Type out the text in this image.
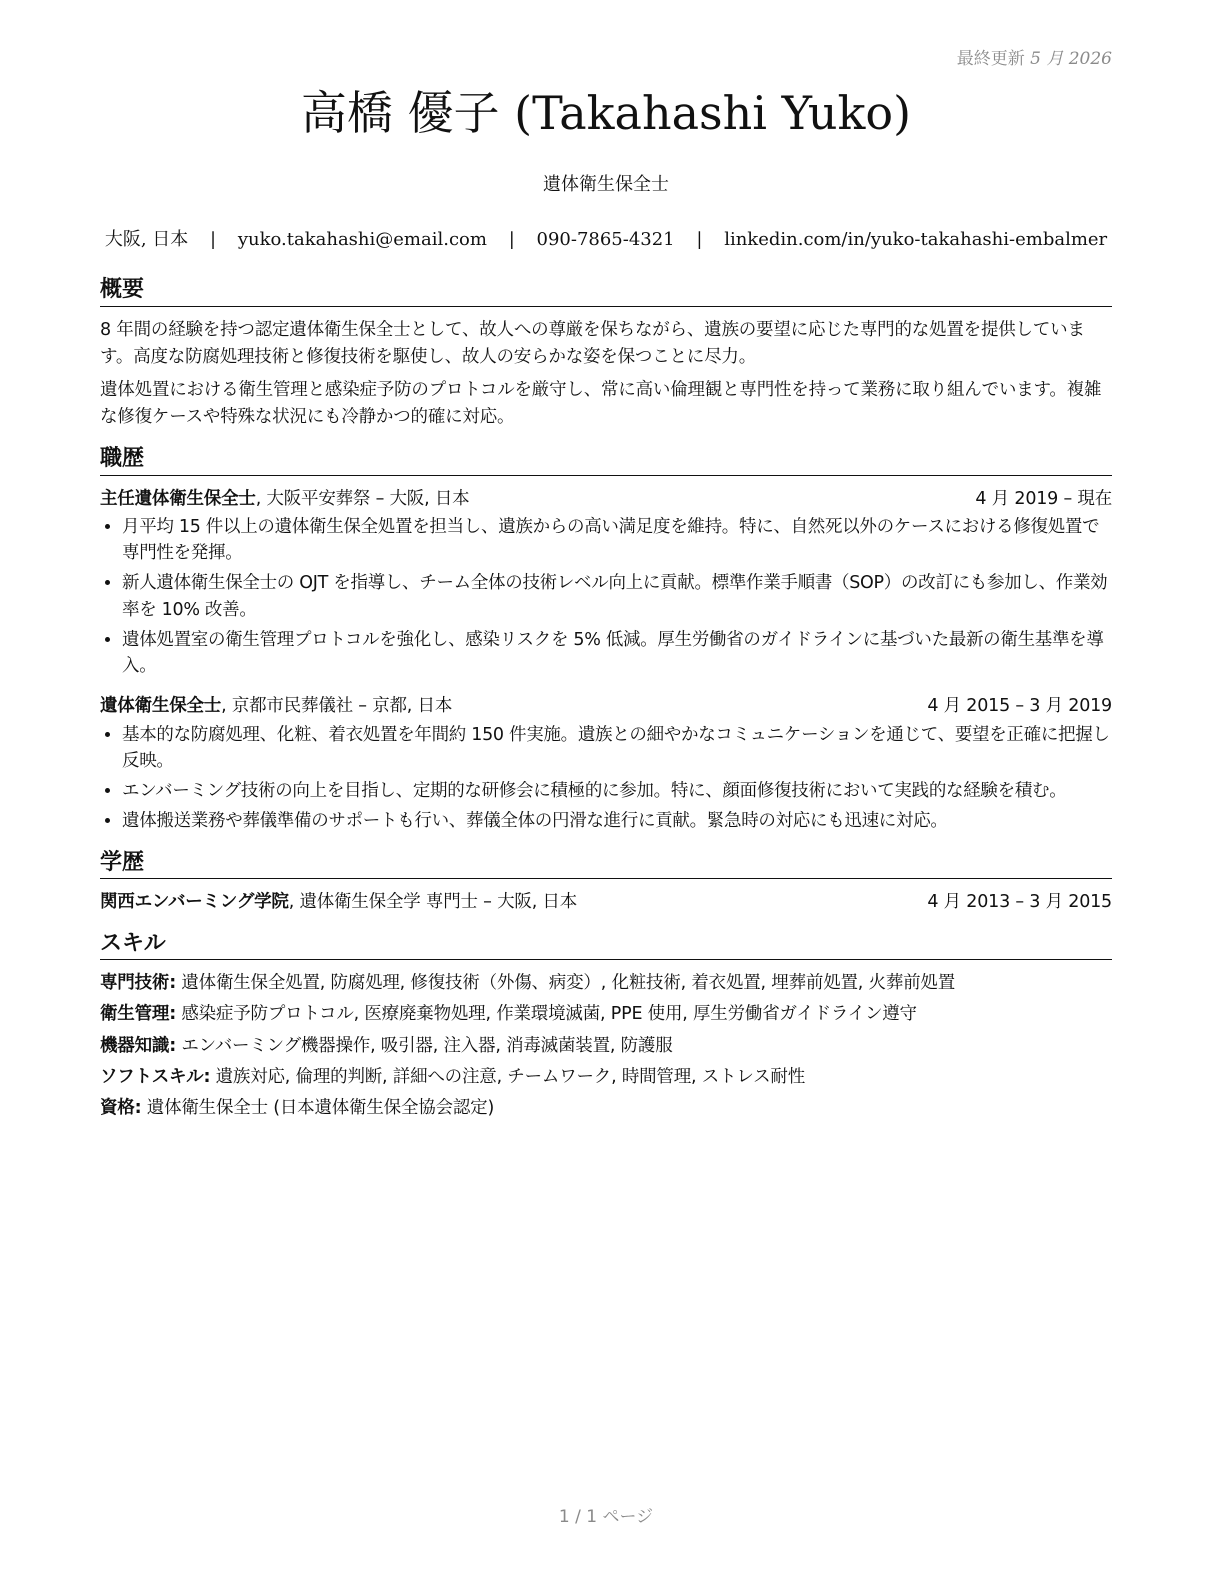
最終更新 5 月 2026
高橋 優子 (Takahashi Yuko)
遺体衛生保全士
大阪, 日本 | yuko.takahashi@email.com | 090-7865-4321 | linkedin.com/in/yuko-takahashi-embalmer
概要

8 年間の経験を持つ認定遺体衛生保全士として、故人への尊厳を保ちながら、遺族の要望に応じた専門的な処置を提供しています。高度な防腐処理技術と修復技術を駆使し、故人の安らかな姿を保つことに尽力。

遺体処置における衛生管理と感染症予防のプロトコルを厳守し、常に高い倫理観と専門性を持って業務に取り組んでいます。複雑な修復ケースや特殊な状況にも冷静かつ的確に対応。

職歴
主任遺体衛生保全士, 大阪平安葬祭 – 大阪, 日本	4 月 2019 – 現在
• 月平均 15 件以上の遺体衛生保全処置を担当し、遺族からの高い満足度を維持。特に、自然死以外のケースにおける修復処置で専門性を発揮。
• 新人遺体衛生保全士の OJT を指導し、チーム全体の技術レベル向上に貢献。標準作業手順書（SOP）の改訂にも参加し、作業効率を 10% 改善。
• 遺体処置室の衛生管理プロトコルを強化し、感染リスクを 5% 低減。厚生労働省のガイドラインに基づいた最新の衛生基準を導入。
遺体衛生保全士, 京都市民葬儀社 – 京都, 日本	4 月 2015 – 3 月 2019
• 基本的な防腐処理、化粧、着衣処置を年間約 150 件実施。遺族との細やかなコミュニケーションを通じて、要望を正確に把握し反映。
• エンバーミング技術の向上を目指し、定期的な研修会に積極的に参加。特に、顔面修復技術において実践的な経験を積む。
• 遺体搬送業務や葬儀準備のサポートも行い、葬儀全体の円滑な進行に貢献。緊急時の対応にも迅速に対応。
学歴
関西エンバーミング学院, 遺体衛生保全学 専門士 – 大阪, 日本	4 月 2013 – 3 月 2015
スキル
専門技術: 遺体衛生保全処置, 防腐処理, 修復技術（外傷、病変）, 化粧技術, 着衣処置, 埋葬前処置, 火葬前処置
衛生管理: 感染症予防プロトコル, 医療廃棄物処理, 作業環境滅菌, PPE 使用, 厚生労働省ガイドライン遵守
機器知識: エンバーミング機器操作, 吸引器, 注入器, 消毒滅菌装置, 防護服
ソフトスキル: 遺族対応, 倫理的判断, 詳細への注意, チームワーク, 時間管理, ストレス耐性
資格: 遺体衛生保全士 (日本遺体衛生保全協会認定)
1 / 1 ページ
